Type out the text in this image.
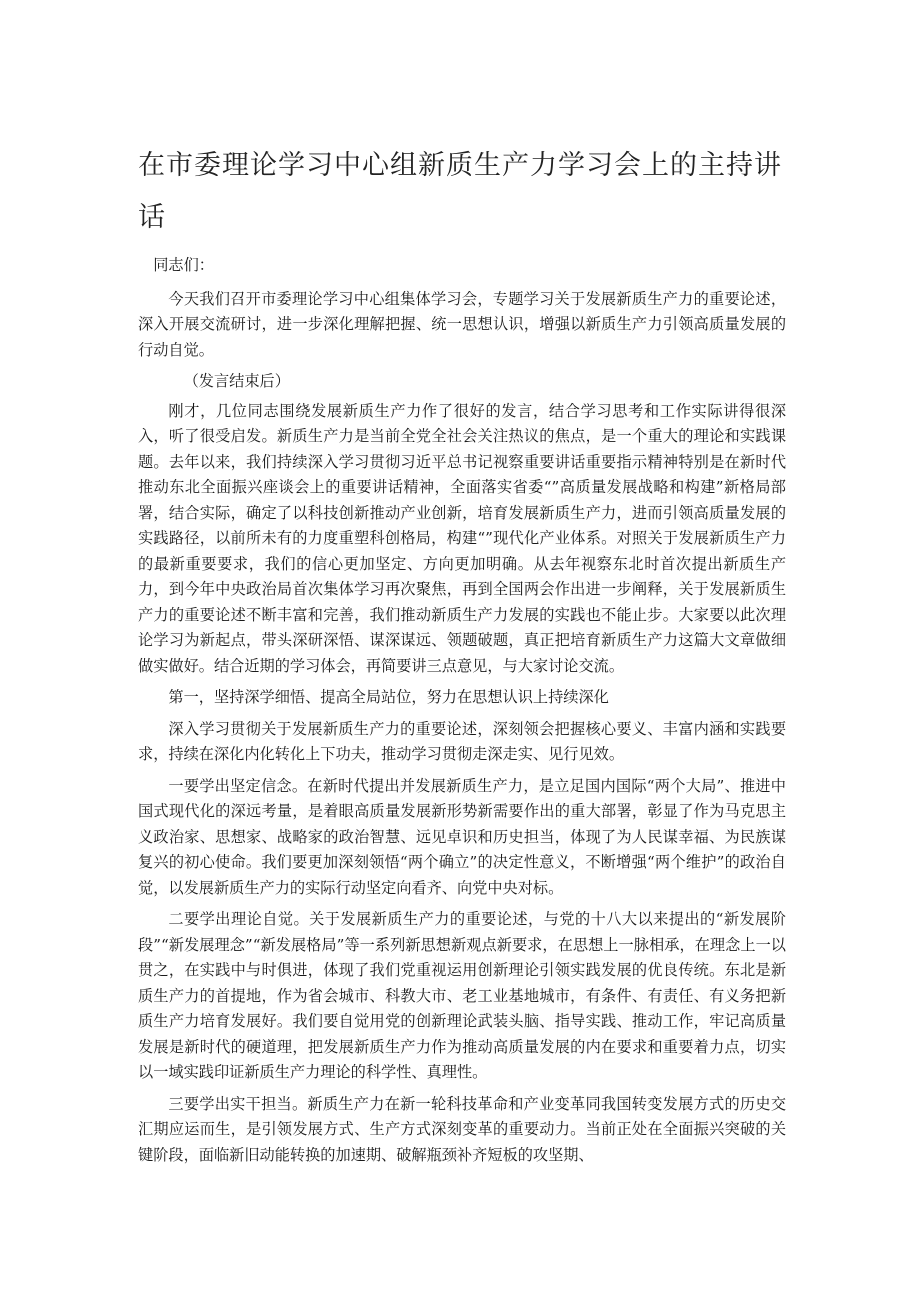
在市委理论学习中心组新质生产力学习会上的主持讲话

同志们：

今天我们召开市委理论学习中心组集体学习会，专题学习关于发展新质生产力的重要论述，深入开展交流研讨，进一步深化理解把握、统一思想认识，增强以新质生产力引领高质量发展的行动自觉。

（发言结束后）

刚才，几位同志围绕发展新质生产力作了很好的发言，结合学习思考和工作实际讲得很深入，听了很受启发。新质生产力是当前全党全社会关注热议的焦点，是一个重大的理论和实践课题。去年以来，我们持续深入学习贯彻习近平总书记视察重要讲话重要指示精神特别是在新时代推动东北全面振兴座谈会上的重要讲话精神，全面落实省委“”高质量发展战略和构建”新格局部署，结合实际，确定了以科技创新推动产业创新，培育发展新质生产力，进而引领高质量发展的实践路径，以前所未有的力度重塑科创格局，构建“”现代化产业体系。对照关于发展新质生产力的最新重要要求，我们的信心更加坚定、方向更加明确。从去年视察东北时首次提出新质生产力，到今年中央政治局首次集体学习再次聚焦，再到全国两会作出进一步阐释，关于发展新质生产力的重要论述不断丰富和完善，我们推动新质生产力发展的实践也不能止步。大家要以此次理论学习为新起点，带头深研深悟、谋深谋远、领题破题，真正把培育新质生产力这篇大文章做细做实做好。结合近期的学习体会，再简要讲三点意见，与大家讨论交流。

第一，坚持深学细悟、提高全局站位，努力在思想认识上持续深化

深入学习贯彻关于发展新质生产力的重要论述，深刻领会把握核心要义、丰富内涵和实践要求，持续在深化内化转化上下功夫，推动学习贯彻走深走实、见行见效。

一要学出坚定信念。在新时代提出并发展新质生产力，是立足国内国际“两个大局”、推进中国式现代化的深远考量，是着眼高质量发展新形势新需要作出的重大部署，彰显了作为马克思主义政治家、思想家、战略家的政治智慧、远见卓识和历史担当，体现了为人民谋幸福、为民族谋复兴的初心使命。我们要更加深刻领悟“两个确立”的决定性意义，不断增强“两个维护”的政治自觉，以发展新质生产力的实际行动坚定向看齐、向党中央对标。

二要学出理论自觉。关于发展新质生产力的重要论述，与党的十八大以来提出的“新发展阶段”“新发展理念”“新发展格局”等一系列新思想新观点新要求，在思想上一脉相承，在理念上一以贯之，在实践中与时俱进，体现了我们党重视运用创新理论引领实践发展的优良传统。东北是新质生产力的首提地，作为省会城市、科教大市、老工业基地城市，有条件、有责任、有义务把新质生产力培育发展好。我们要自觉用党的创新理论武装头脑、指导实践、推动工作，牢记高质量发展是新时代的硬道理，把发展新质生产力作为推动高质量发展的内在要求和重要着力点，切实以一域实践印证新质生产力理论的科学性、真理性。

三要学出实干担当。新质生产力在新一轮科技革命和产业变革同我国转变发展方式的历史交汇期应运而生，是引领发展方式、生产方式深刻变革的重要动力。当前正处在全面振兴突破的关键阶段，面临新旧动能转换的加速期、破解瓶颈补齐短板的攻坚期、
